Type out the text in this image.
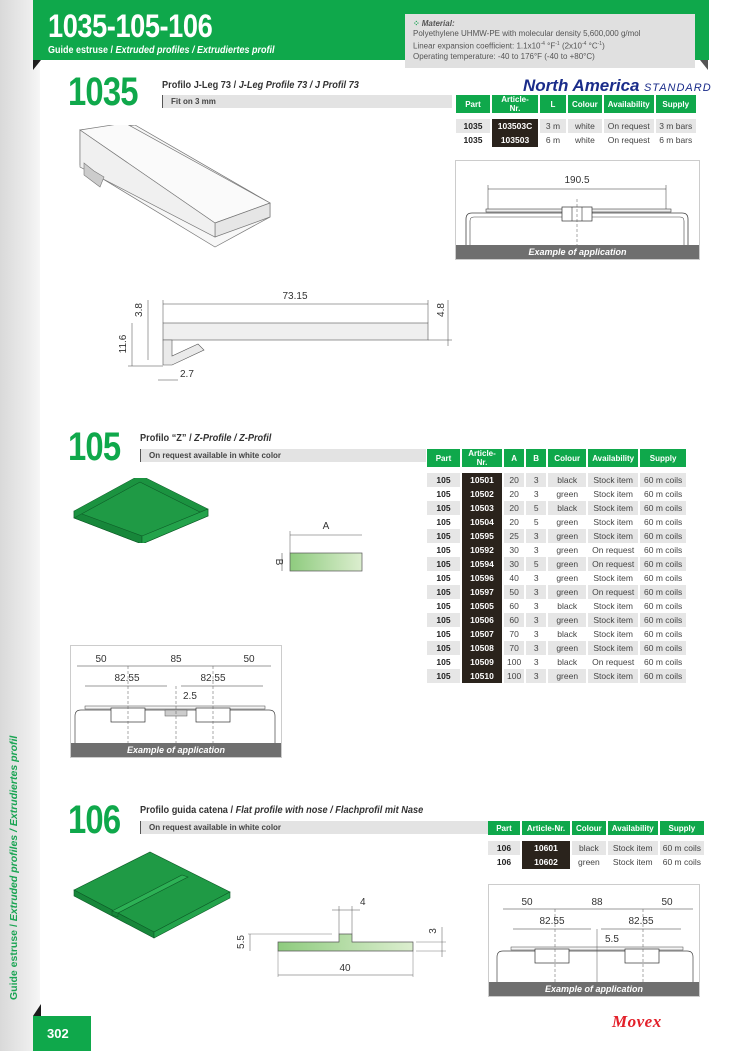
Guide estruse / Extruded profiles / Extrudiertes profil
1035-105-106
Guide estruse / Extruded profiles / Extrudiertes profil
⁘ Material:
Polyethylene UHMW-PE with molecular density 5,600,000 g/mol
Linear expansion coefficient: $1.1x10^{-4}$ $^\circ F^{-1}$ ($2x10^{-4}$ $^\circ C^{-1}$)
Operating temperature: -40 to 176°F (-40 to +80°C)
1035 Profilo J-Leg 73 / J-Leg Profile 73 / J Profil 73
Fit on 3 mm
North America STANDARD
Part	Article-Nr.	L	Colour	Availability	Supply

1035	103503C	3 m	white	On request	3 m bars
1035	103503	6 m	white	On request	6 m bars
190.5
Example of application
73.15
3.8
11.6
2.7
4.8
105 Profilo “Z” / Z-Profile / Z-Profil
On request available in white color	Part	Article-Nr.	A	B	Colour	Availability	Supply

105	10501	20	3	black	Stock item	60 m coils
105	10502	20	3	green	Stock item	60 m coils
105	10503	20	5	black	Stock item	60 m coils
105	10504	20	5	green	Stock item	60 m coils
105	10595	25	3	green	Stock item	60 m coils
105	10592	30	3	green	On request	60 m coils
105	10594	30	5	green	On request	60 m coils
105	10596	40	3	green	Stock item	60 m coils
105	10597	50	3	green	On request	60 m coils
105	10505	60	3	black	Stock item	60 m coils
105	10506	60	3	green	Stock item	60 m coils
105	10507	70	3	black	Stock item	60 m coils
105	10508	70	3	green	Stock item	60 m coils
105	10509	100	3	black	On request	60 m coils
105	10510	100	3	green	Stock item	60 m coils
A
B
50	85	50
82.55	82.55
2.5
Example of application
106 Profilo guida catena / Flat profile with nose / Flachprofil mit Nase
On request available in white color	Part	Article-Nr.	Colour	Availability	Supply

106	10601	black	Stock item	60 m coils
106	10602	green	Stock item	60 m coils
4
5.5
3
40
50	88	50
82.55	82.55
5.5
Example of application
302
Movex
